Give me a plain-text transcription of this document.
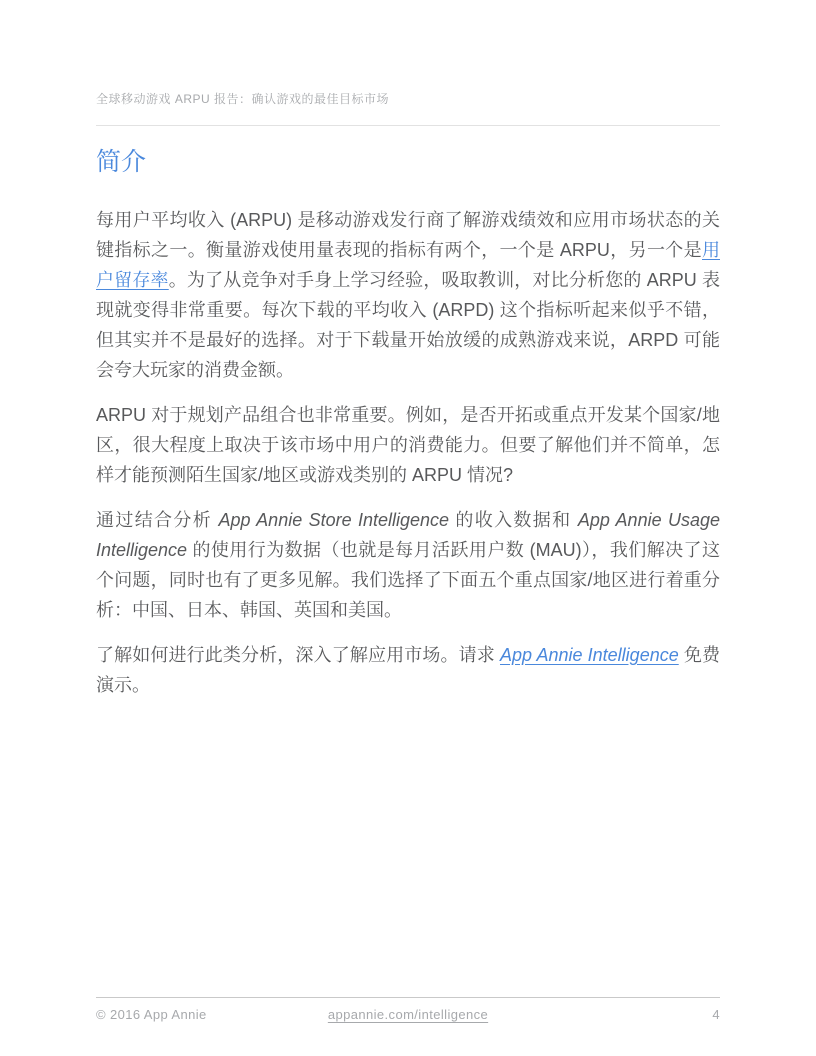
全球移动游戏 ARPU 报告：确认游戏的最佳目标市场
简介

每用户平均收入 (ARPU) 是移动游戏发行商了解游戏绩效和应用市场状态的关键指标之一。衡量游戏使用量表现的指标有两个，一个是 ARPU，另一个是用户留存率。为了从竞争对手身上学习经验，吸取教训，对比分析您的 ARPU 表现就变得非常重要。每次下载的平均收入 (ARPD) 这个指标听起来似乎不错，但其实并不是最好的选择。对于下载量开始放缓的成熟游戏来说，ARPD 可能会夸大玩家的消费金额。

ARPU 对于规划产品组合也非常重要。例如，是否开拓或重点开发某个国家/地区，很大程度上取决于该市场中用户的消费能力。但要了解他们并不简单，怎样才能预测陌生国家/地区或游戏类别的 ARPU 情况?

通过结合分析 App Annie Store Intelligence 的收入数据和 App Annie Usage Intelligence 的使用行为数据（也就是每月活跃用户数 (MAU)），我们解决了这个问题，同时也有了更多见解。我们选择了下面五个重点国家/地区进行着重分析：中国、日本、韩国、英国和美国。

了解如何进行此类分析，深入了解应用市场。请求 App Annie Intelligence 免费演示。

© 2016 App Annie	appannie.com/intelligence	4
